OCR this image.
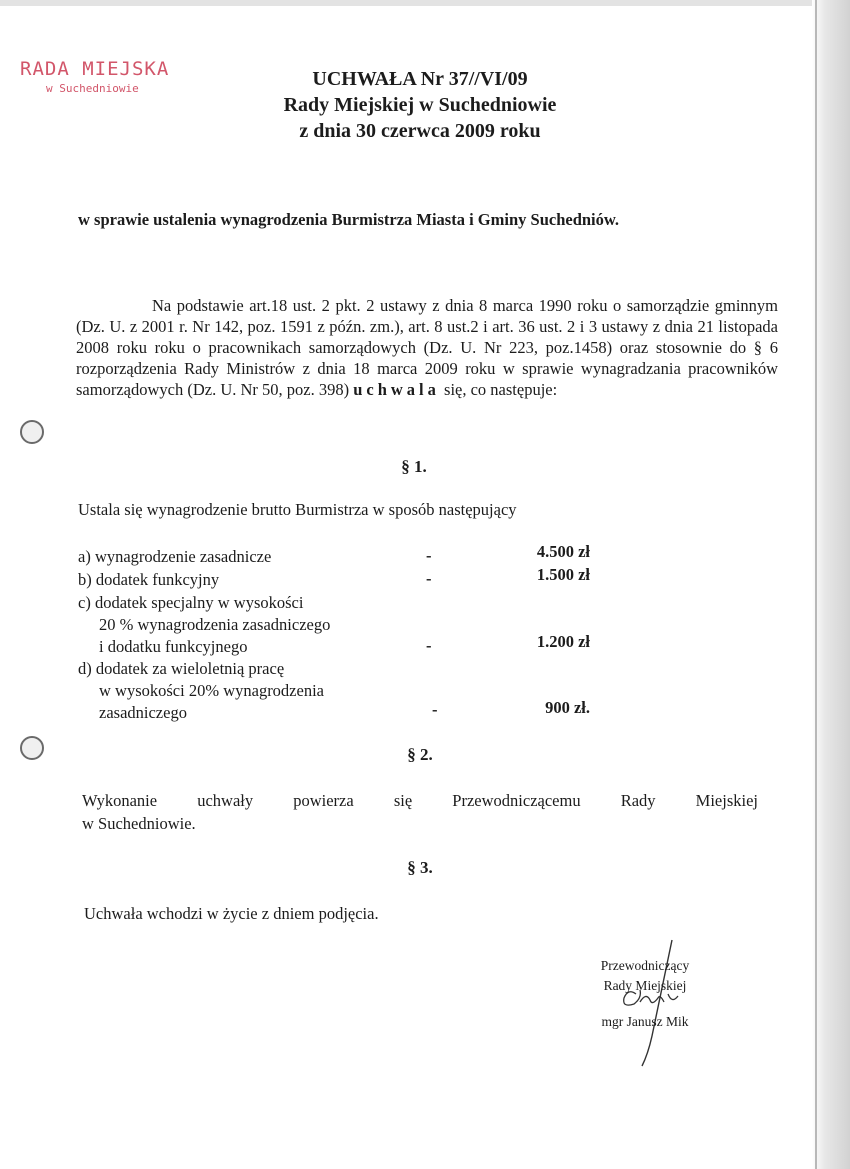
RADA MIEJSKA
w Suchedniowie	UCHWAŁA Nr 37//VI/09
Rady Miejskiej w Suchedniowie
z dnia 30 czerwca 2009 roku
w sprawie ustalenia wynagrodzenia Burmistrza Miasta i Gminy Suchedniów.
Na podstawie art.18 ust. 2 pkt. 2 ustawy z dnia 8 marca 1990 roku o samorządzie gminnym (Dz. U. z 2001 r. Nr 142, poz. 1591 z późn. zm.), art. 8 ust.2 i art. 36 ust. 2 i 3 ustawy z dnia 21 listopada 2008 roku roku o pracownikach samorządowych (Dz. U. Nr 223, poz.1458) oraz stosownie do § 6 rozporządzenia Rady Ministrów z dnia 18 marca 2009 roku w sprawie wynagradzania pracowników samorządowych (Dz. U. Nr 50, poz. 398) uchwala się, co następuje:
§ 1.
Ustala się wynagrodzenie brutto Burmistrza w sposób następujący
a) wynagrodzenie zasadnicze	-	4.500 zł
b) dodatek funkcyjny	-	1.500 zł
c) dodatek specjalny w wysokości
20 % wynagrodzenia zasadniczego
i dodatku funkcyjnego	-	1.200 zł
d) dodatek za wieloletnią pracę
w wysokości 20% wynagrodzenia
zasadniczego	-	900 zł.
§ 2.
Wykonanie uchwały powierza się Przewodniczącemu Rady Miejskiej
w Suchedniowie.
§ 3.
Uchwała wchodzi w życie z dniem podjęcia.
Przewodniczący
Rady Miejskiej
mgr Janusz Mik
